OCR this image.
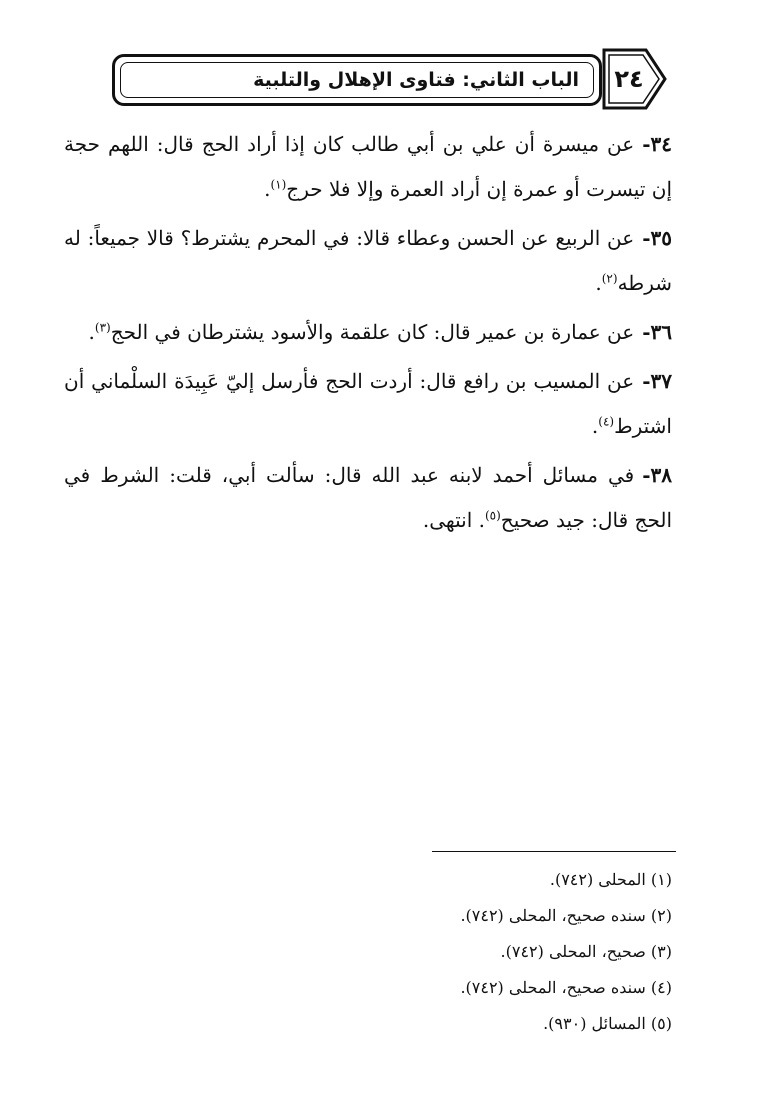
الباب الثاني: فتاوى الإهلال والتلبية	٢٤

٣٤-عن ميسرة أن علي بن أبي طالب كان إذا أراد الحج قال: اللهم حجة إن تيسرت أو عمرة إن أراد العمرة وإلا فلا حرج$^{(١)}$.

٣٥-عن الربيع عن الحسن وعطاء قالا: في المحرم يشترط؟ قالا جميعاً: له شرطه$^{(٢)}$.

٣٦-عن عمارة بن عمير قال: كان علقمة والأسود يشترطان في الحج$^{(٣)}$.

٣٧-عن المسيب بن رافع قال: أردت الحج فأرسل إليّ عَبِيدَة السلْماني أن اشترط$^{(٤)}$.

٣٨-في مسائل أحمد لابنه عبد الله قال: سألت أبي، قلت: الشرط في الحج قال: جيد صحيح$^{(٥)}$. انتهى.

(١) المحلى (٧٤٢).
(٢) سنده صحيح، المحلى (٧٤٢).
(٣) صحيح، المحلى (٧٤٢).
(٤) سنده صحيح، المحلى (٧٤٢).
(٥) المسائل (٩٣٠).
